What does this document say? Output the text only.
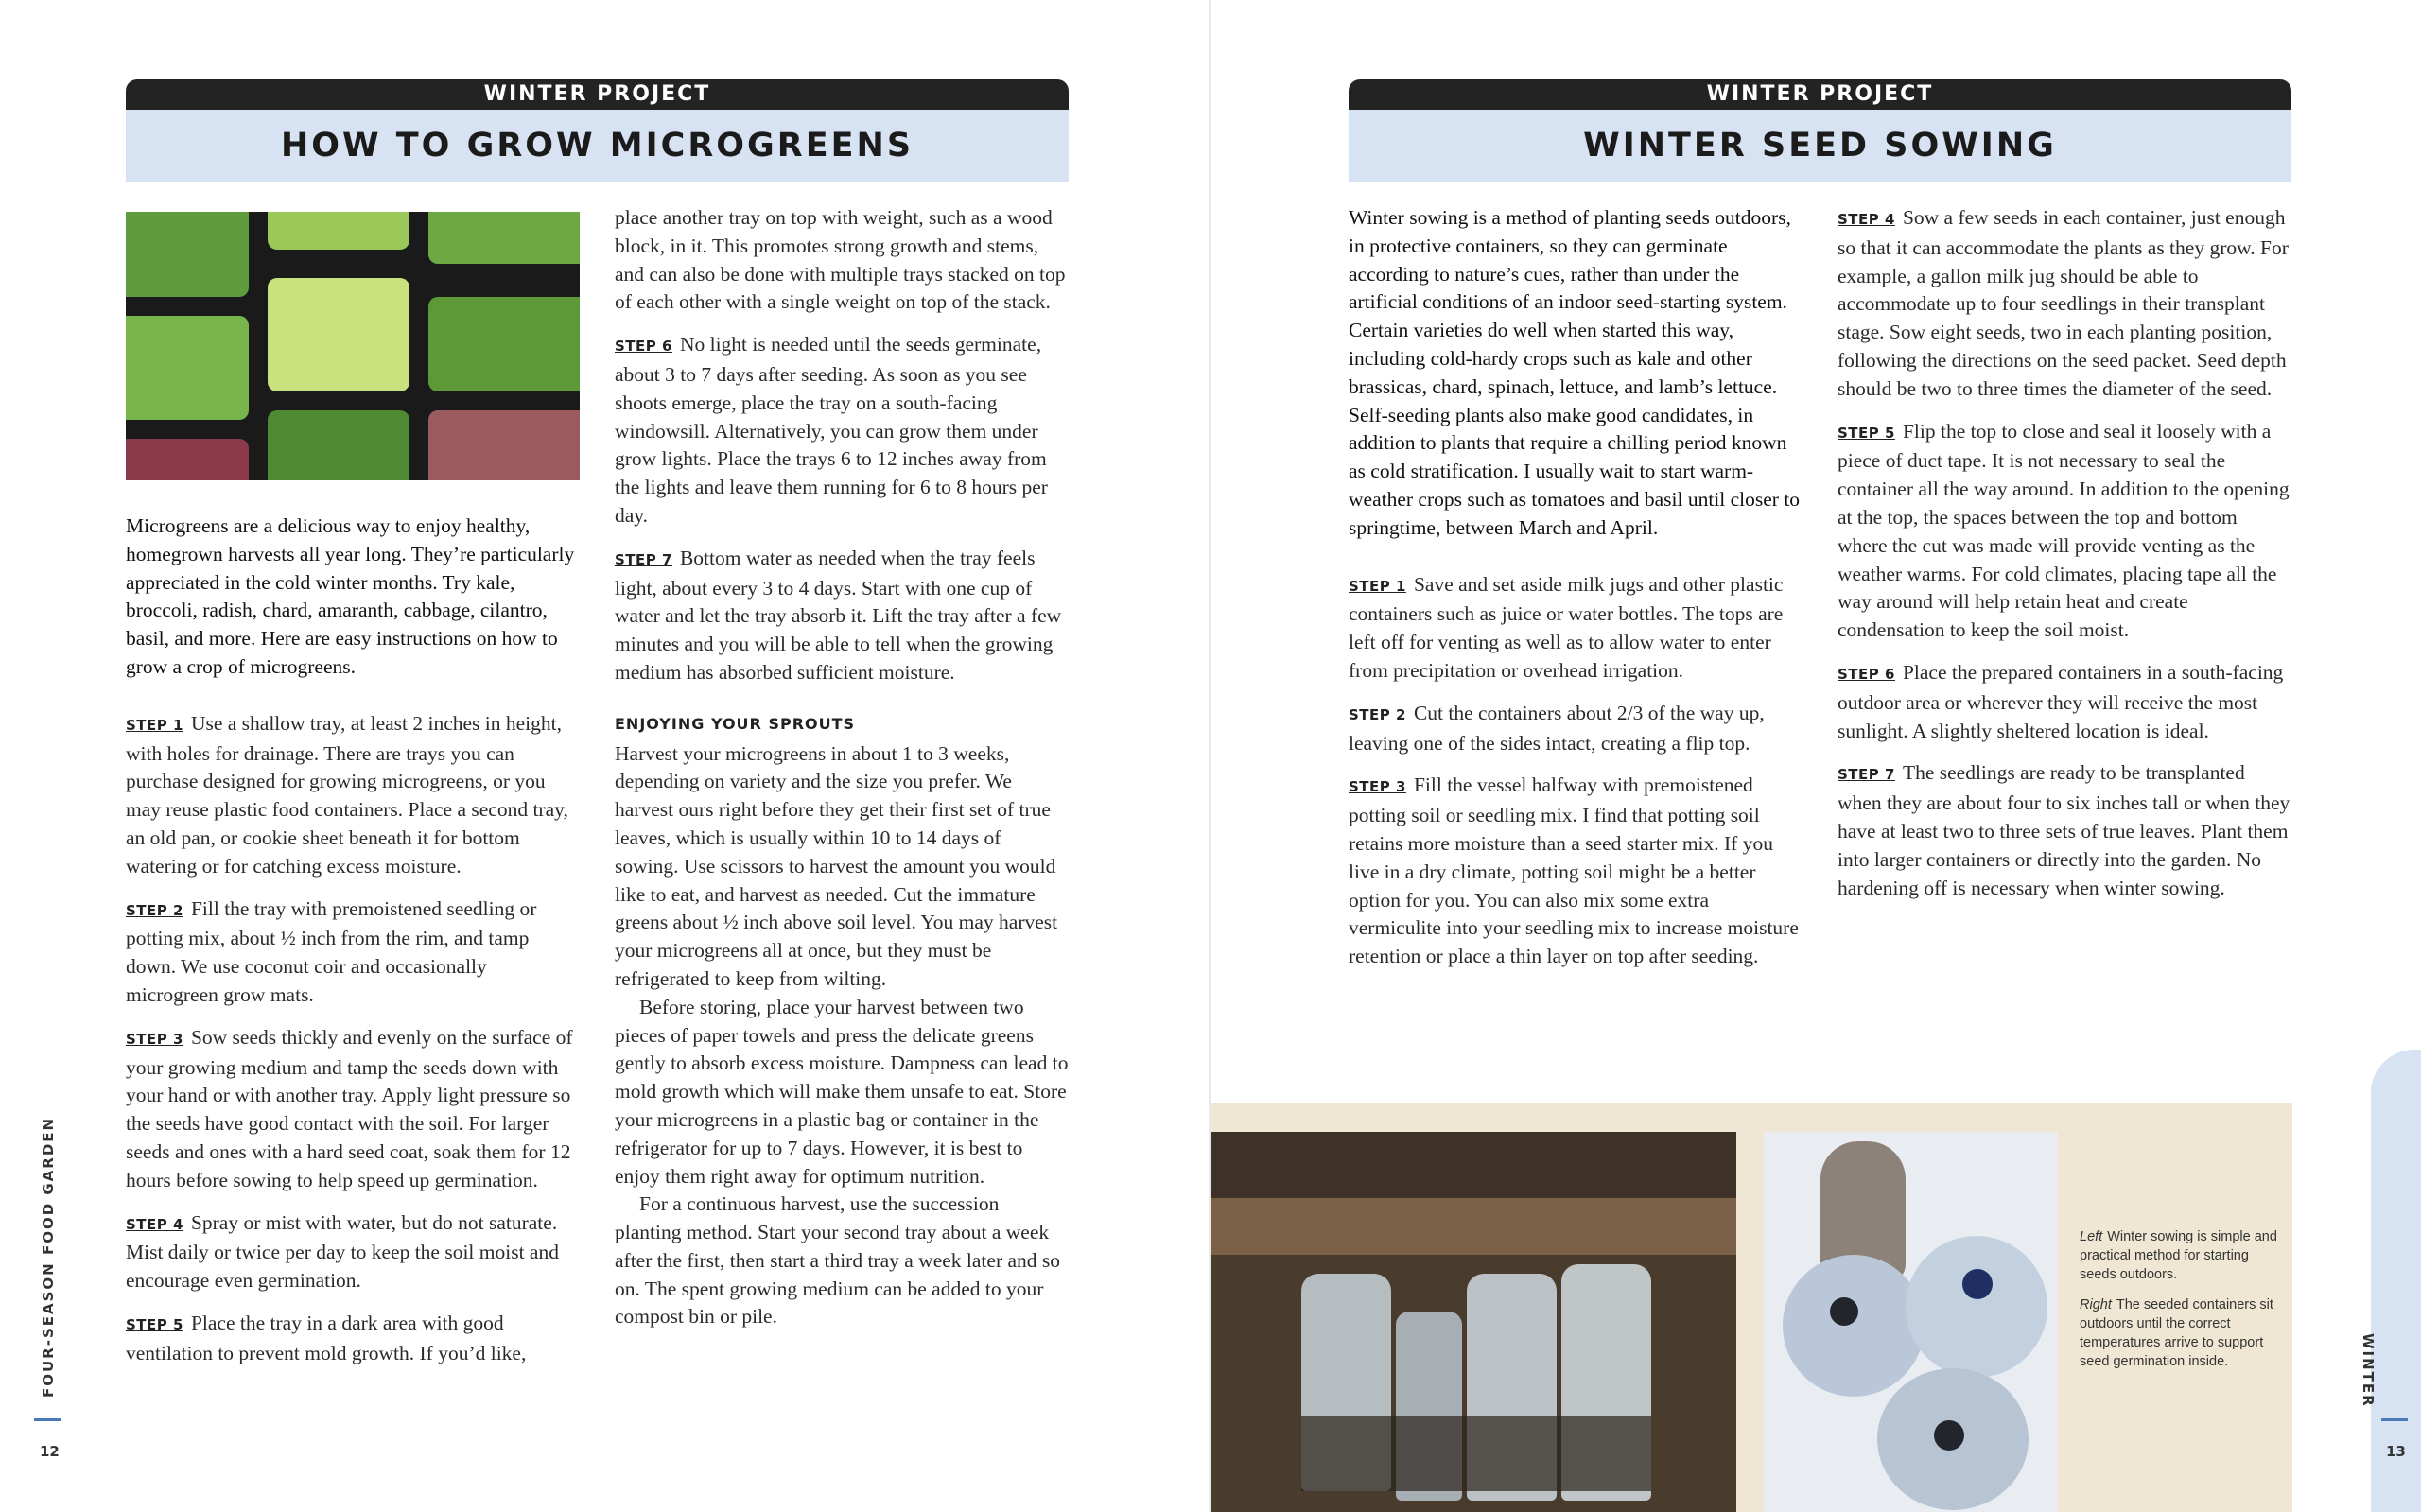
WINTER PROJECT
HOW TO GROW MICROGREENS

Microgreens are a delicious way to enjoy healthy, homegrown harvests all year long. They’re particularly appreciated in the cold winter months. Try kale, broccoli, radish, chard, amaranth, cabbage, cilantro, basil, and more. Here are easy instructions on how to grow a crop of microgreens.

STEP 1 Use a shallow tray, at least 2 inches in height, with holes for drainage. There are trays you can purchase designed for growing microgreens, or you may reuse plastic food containers. Place a second tray, an old pan, or cookie sheet beneath it for bottom watering or for catching excess moisture.

STEP 2 Fill the tray with premoistened seedling or potting mix, about ½ inch from the rim, and tamp down. We use coconut coir and occasionally microgreen grow mats.

STEP 3 Sow seeds thickly and evenly on the surface of your growing medium and tamp the seeds down with your hand or with another tray. Apply light pressure so the seeds have good contact with the soil. For larger seeds and ones with a hard seed coat, soak them for 12 hours before sowing to help speed up germination.

STEP 4 Spray or mist with water, but do not saturate. Mist daily or twice per day to keep the soil moist and encourage even germination.

STEP 5 Place the tray in a dark area with good ventilation to prevent mold growth. If you’d like,

place another tray on top with weight, such as a wood block, in it. This promotes strong growth and stems, and can also be done with multiple trays stacked on top of each other with a single weight on top of the stack.

STEP 6 No light is needed until the seeds germinate, about 3 to 7 days after seeding. As soon as you see shoots emerge, place the tray on a south-facing windowsill. Alternatively, you can grow them under grow lights. Place the trays 6 to 12 inches away from the lights and leave them running for 6 to 8 hours per day.

STEP 7 Bottom water as needed when the tray feels light, about every 3 to 4 days. Start with one cup of water and let the tray absorb it. Lift the tray after a few minutes and you will be able to tell when the growing medium has absorbed sufficient moisture.

ENJOYING YOUR SPROUTS

Harvest your microgreens in about 1 to 3 weeks, depending on variety and the size you prefer. We harvest ours right before they get their first set of true leaves, which is usually within 10 to 14 days of sowing. Use scissors to harvest the amount you would like to eat, and harvest as needed. Cut the immature greens about ½ inch above soil level. You may harvest your microgreens all at once, but they must be refrigerated to keep from wilting.

Before storing, place your harvest between two pieces of paper towels and press the delicate greens gently to absorb excess moisture. Dampness can lead to mold growth which will make them unsafe to eat. Store your microgreens in a plastic bag or container in the refrigerator for up to 7 days. However, it is best to enjoy them right away for optimum nutrition.

For a continuous harvest, use the succession planting method. Start your second tray about a week after the first, then start a third tray a week later and so on. The spent growing medium can be added to your compost bin or pile.

FOUR-SEASON FOOD GARDEN
12
WINTER PROJECT
WINTER SEED SOWING

Winter sowing is a method of planting seeds outdoors, in protective containers, so they can germinate according to nature’s cues, rather than under the artificial conditions of an indoor seed-starting system. Certain varieties do well when started this way, including cold-hardy crops such as kale and other brassicas, chard, spinach, lettuce, and lamb’s lettuce. Self-seeding plants also make good candidates, in addition to plants that require a chilling period known as cold stratification. I usually wait to start warm-weather crops such as tomatoes and basil until closer to springtime, between March and April.

STEP 1 Save and set aside milk jugs and other plastic containers such as juice or water bottles. The tops are left off for venting as well as to allow water to enter from precipitation or overhead irrigation.

STEP 2 Cut the containers about 2/3 of the way up, leaving one of the sides intact, creating a flip top.

STEP 3 Fill the vessel halfway with premoistened potting soil or seedling mix. I find that potting soil retains more moisture than a seed starter mix. If you live in a dry climate, potting soil might be a better option for you. You can also mix some extra vermiculite into your seedling mix to increase moisture retention or place a thin layer on top after seeding.

STEP 4 Sow a few seeds in each container, just enough so that it can accommodate the plants as they grow. For example, a gallon milk jug should be able to accommodate up to four seedlings in their transplant stage. Sow eight seeds, two in each planting position, following the directions on the seed packet. Seed depth should be two to three times the diameter of the seed.

STEP 5 Flip the top to close and seal it loosely with a piece of duct tape. It is not necessary to seal the container all the way around. In addition to the opening at the top, the spaces between the top and bottom where the cut was made will provide venting as the weather warms. For cold climates, placing tape all the way around will help retain heat and create condensation to keep the soil moist.

STEP 6 Place the prepared containers in a south-facing outdoor area or wherever they will receive the most sunlight. A slightly sheltered location is ideal.

STEP 7 The seedlings are ready to be transplanted when they are about four to six inches tall or when they have at least two to three sets of true leaves. Plant them into larger containers or directly into the garden. No hardening off is necessary when winter sowing.

Left Winter sowing is simple and practical method for starting seeds outdoors.
Right The seeded containers sit outdoors until the correct temperatures arrive to support seed germination inside.	WINTER
13
